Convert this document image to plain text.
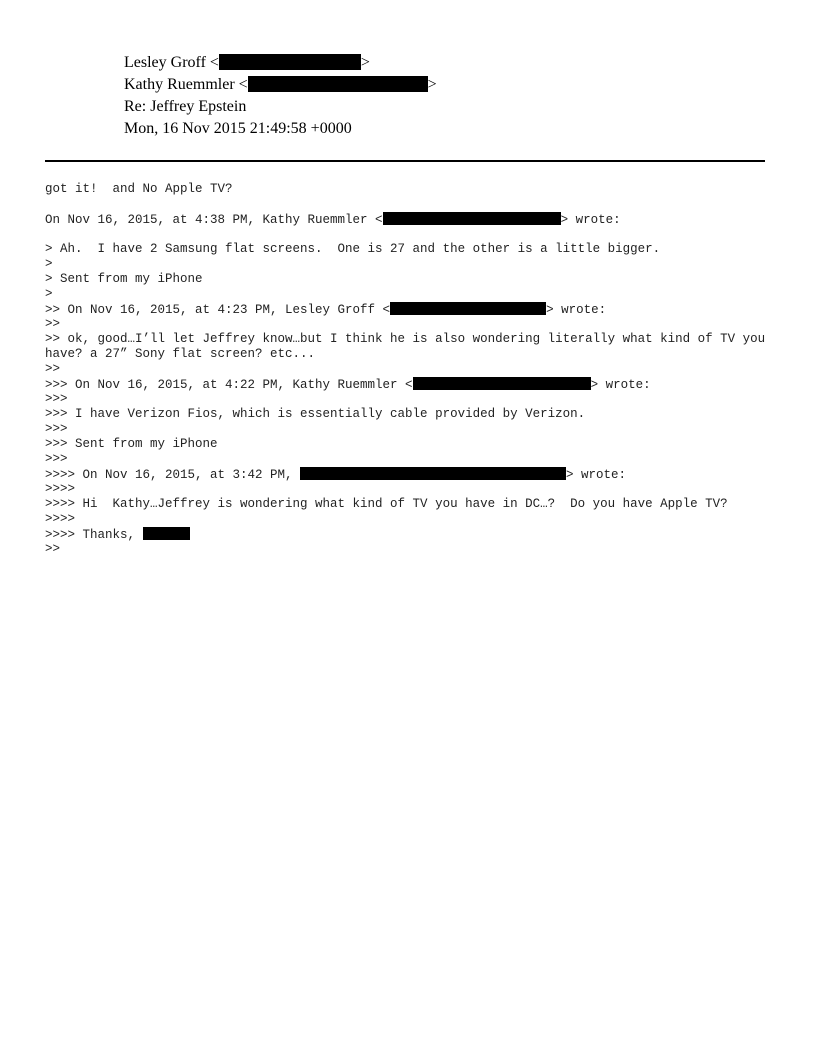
Lesley Groff <	>
Kathy Ruemmler <	>
Re: Jeffrey Epstein
Mon, 16 Nov 2015 21:49:58 +0000
got it!  and No Apple TV?
On Nov 16, 2015, at 4:38 PM, Kathy Ruemmler <	> wrote:
> Ah.  I have 2 Samsung flat screens.  One is 27 and the other is a little bigger.
>
> Sent from my iPhone
>
>> On Nov 16, 2015, at 4:23 PM, Lesley Groff <	> wrote:
>>
>> ok, good…I’ll let Jeffrey know…but I think he is also wondering literally what kind of TV you have? a 27” Sony flat screen? etc...
>>
>>> On Nov 16, 2015, at 4:22 PM, Kathy Ruemmler <	> wrote:
>>>
>>> I have Verizon Fios, which is essentially cable provided by Verizon.
>>>
>>> Sent from my iPhone
>>>
>>>> On Nov 16, 2015, at 3:42 PM,	> wrote:
>>>>
>>>> Hi  Kathy…Jeffrey is wondering what kind of TV you have in DC…?  Do you have Apple TV?
>>>>
>>>> Thanks,
>>
